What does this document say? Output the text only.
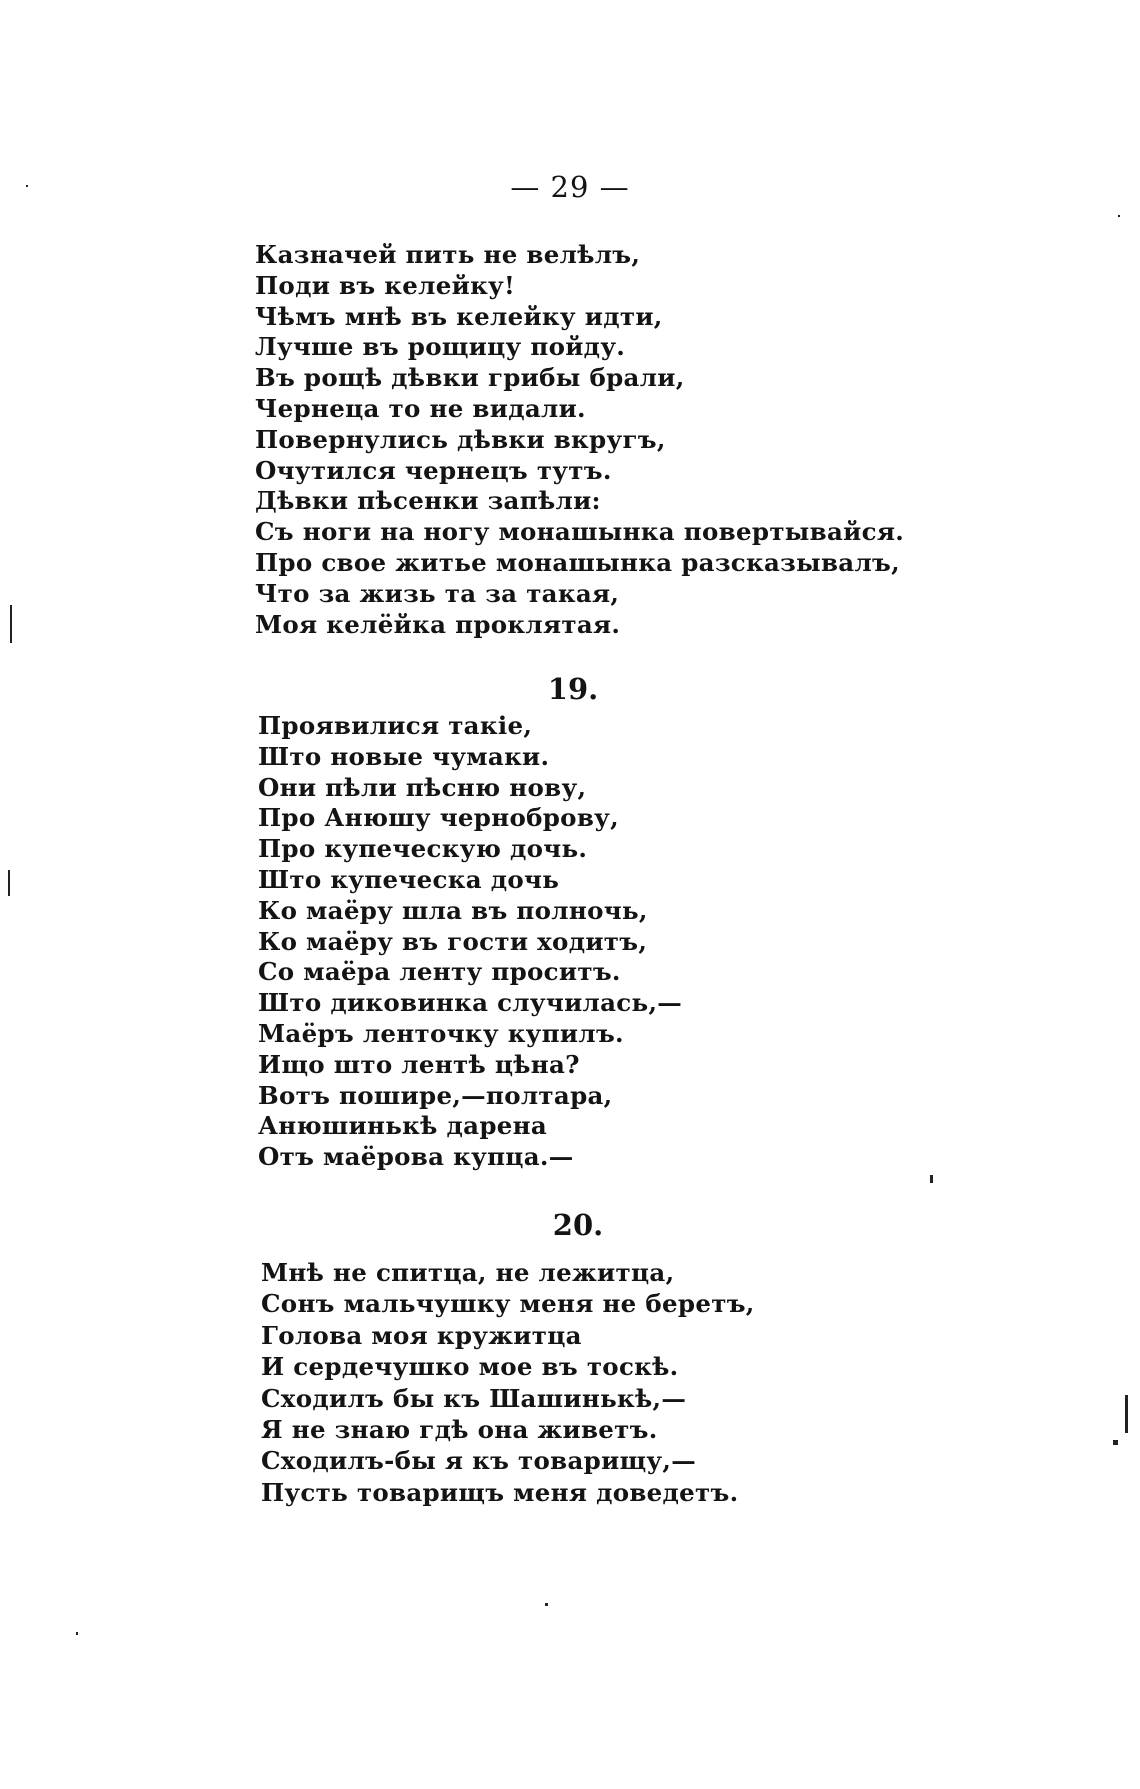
— 29 —
Казначей пить не велѣлъ,
Поди въ келейку!
Чѣмъ мнѣ въ келейку идти,
Лучше въ рощицу пойду.
Въ рощѣ дѣвки грибы брали,
Чернеца то не видали.
Повернулись дѣвки вкругъ,
Очутился чернецъ тутъ.
Дѣвки пѣсенки запѣли:
Съ ноги на ногу монашынка повертывайся.
Про свое житье монашынка разсказывалъ,
Что за жизь та за такая,
Моя келёйка проклятая.
19.
Проявилися такіе,
Што новые чумаки.
Они пѣли пѣсню нову,
Про Анюшу чернoброву,
Про купеческую дочь.
Што купеческа дочь
Ко маёру шла въ полночь,
Ко маёру въ гости ходитъ,
Со маёра ленту проситъ.
Што диковинка случилась,—
Маёръ ленточку купилъ.
Ищо што лентѣ цѣна?
Вотъ пошире,—полтара,
Анюшинькѣ дарена
Отъ маёрова купца.—
20.
Мнѣ не спитца, не лежитца,
Сонъ мальчушку меня не беретъ,
Голова моя кружитца
И сердечушко мое въ тоскѣ.
Сходилъ бы къ Шашинькѣ,—
Я не знаю гдѣ она живетъ.
Сходилъ-бы я къ товарищу,—
Пусть товарищъ меня доведетъ.
